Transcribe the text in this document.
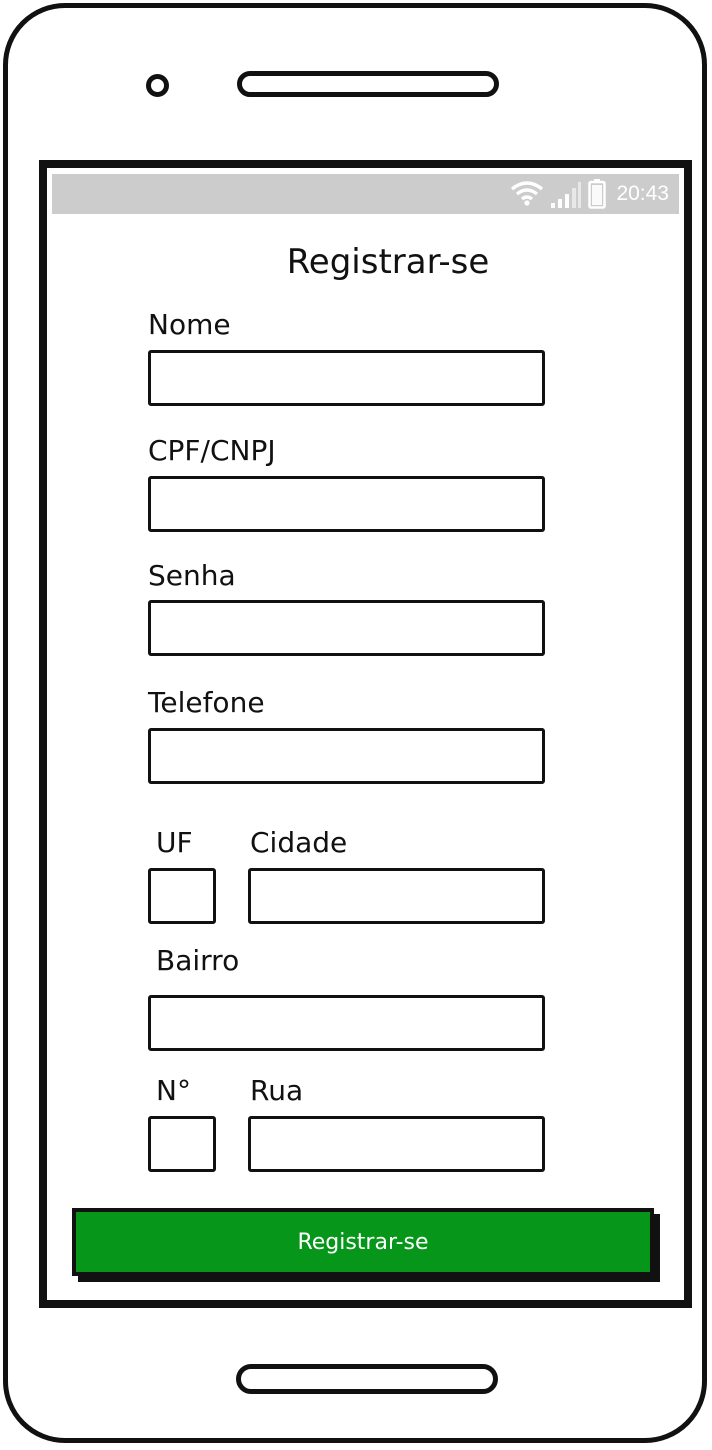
20:43
Registrar-se
Nome
CPF/CNPJ
Senha
Telefone
UF Cidade
Bairro
N° Rua
Registrar-se
